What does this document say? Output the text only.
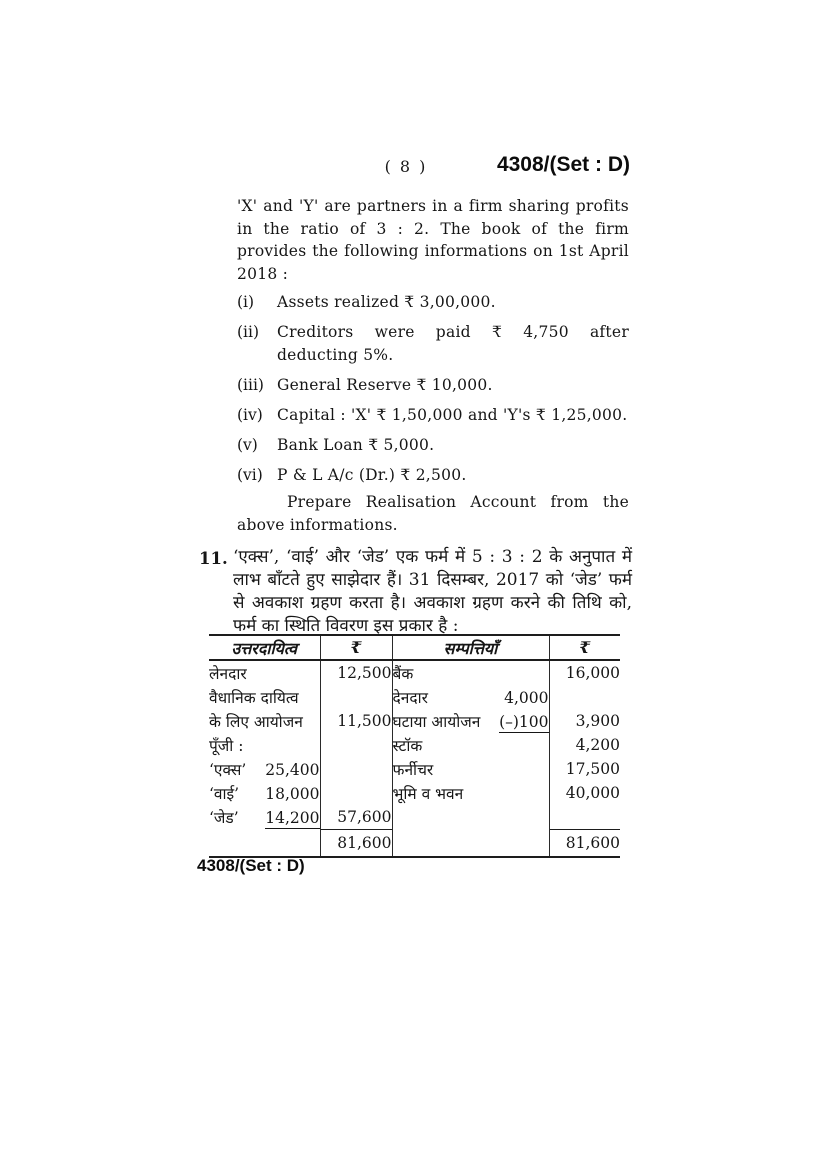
( 8 )	4308/(Set : D)

'X' and 'Y' are partners in a firm sharing profits in the ratio of 3 : 2. The book of the firm provides the following informations on 1st April 2018 :

(i)	Assets realized ₹ 3,00,000.
(ii)	Creditors were paid ₹ 4,750 after deducting 5%.
(iii) General Reserve ₹ 10,000.
(iv) Capital : 'X' ₹ 1,50,000 and 'Y's ₹ 1,25,000.
(v)	Bank Loan ₹ 5,000.
(vi) P & L A/c (Dr.) ₹ 2,500.

Prepare Realisation Account from the above informations.

11. ‘एक्स’, ‘वाई’ और ‘जेड’ एक फर्म में 5 : 3 : 2 के अनुपात में लाभ बाँटते हुए साझेदार हैं। 31 दिसम्बर, 2017 को ‘जेड’ फर्म से अवकाश ग्रहण करता है। अवकाश ग्रहण करने की तिथि को, फर्म का स्थिति विवरण इस प्रकार है :

उत्तरदायित्व	₹	सम्पत्तियाँ	₹

लेनदार	12,500	बैंक	16,000

वैधानिक दायित्व		देनदार 4,000	

के लिए आयोजन	11,500	घटाया आयोजन (–)100	3,900

पूँजी :		स्टॉक	4,200

‘एक्स’ 25,400		फर्नीचर	17,500

‘वाई’ 18,000		भूमि व भवन	40,000

‘जेड’ 14,200	57,600	

	81,600		81,600
4308/(Set : D)
